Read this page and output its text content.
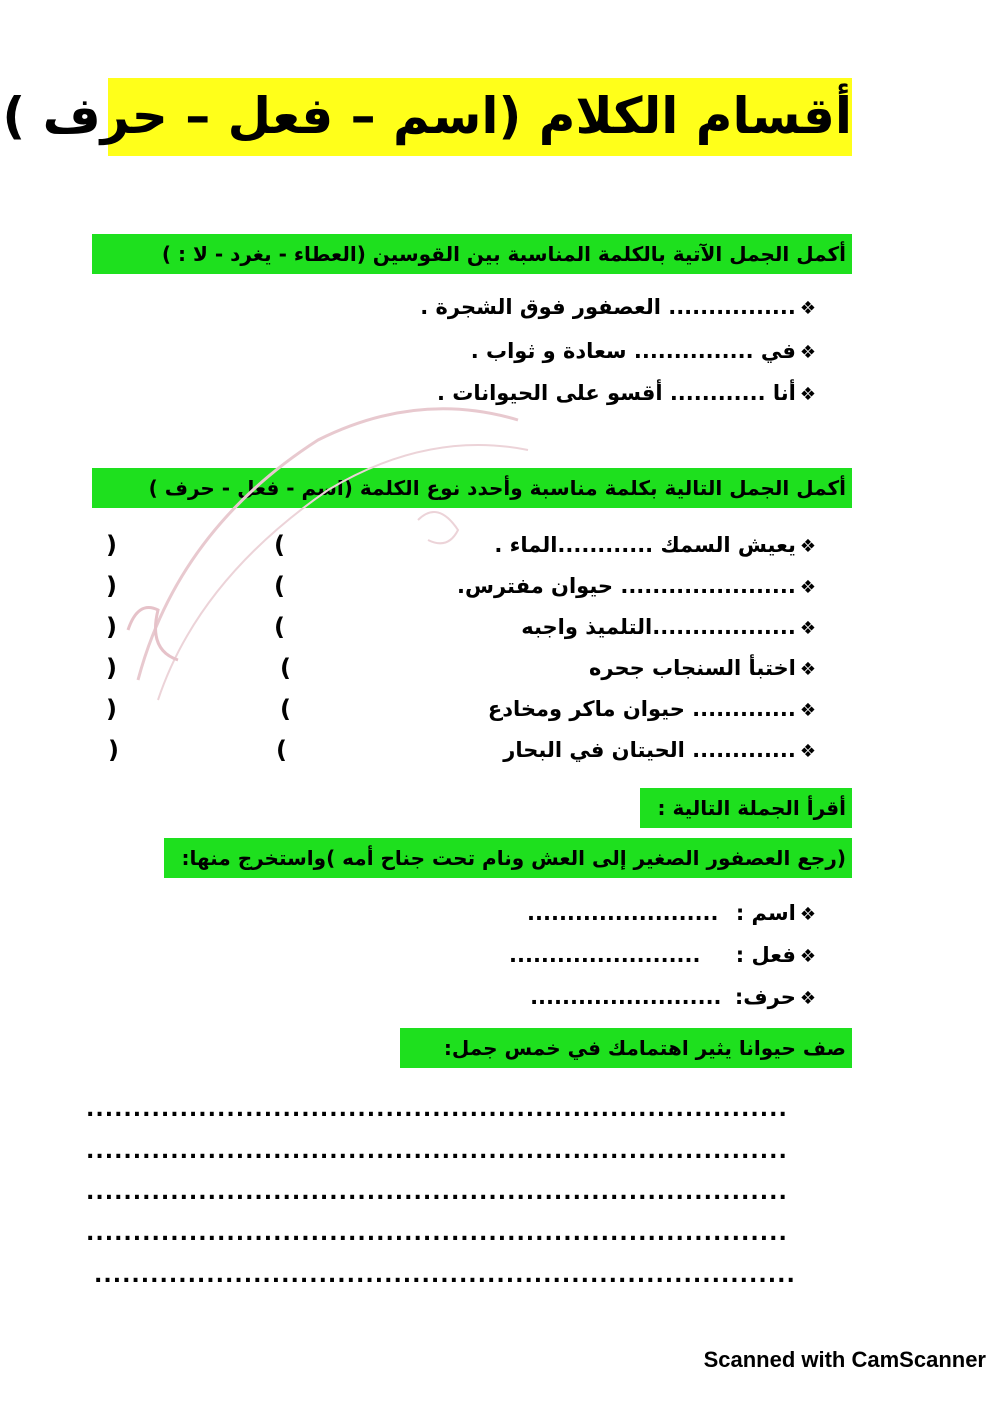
أقسام الكلام (اسم – فعل – حرف )
أكمل الجمل الآتية بالكلمة المناسبة بين القوسين (العطاء - يغرد - لا : )
❖................ العصفور فوق الشجرة .
❖في ............... سعادة و ثواب .
❖أنا ............ أقسو على الحيوانات .
أكمل الجمل التالية بكلمة مناسبة وأحدد نوع الكلمة (اسم - فعل - حرف )
❖يعيش السمك ............الماء .
❖...................... حيوان مفترس.
❖..................التلميذ واجبه
❖اختبأ السنجاب جحره
❖............. حيوان ماكر ومخادع
❖............. الحيتان في البحار
(
)
(
)
(
)
(
)
(
)
(
)
أقرأ الجملة التالية :
(رجع العصفور الصغير إلى العش ونام تحت جناح أمه )واستخرج منها:
❖اسم : ........................
❖فعل : ........................
❖حرف: ........................
صف حيوانا يثير اهتمامك في خمس جمل:
...........................................................................
...........................................................................
...........................................................................
...........................................................................
...........................................................................
Scanned with CamScanner
